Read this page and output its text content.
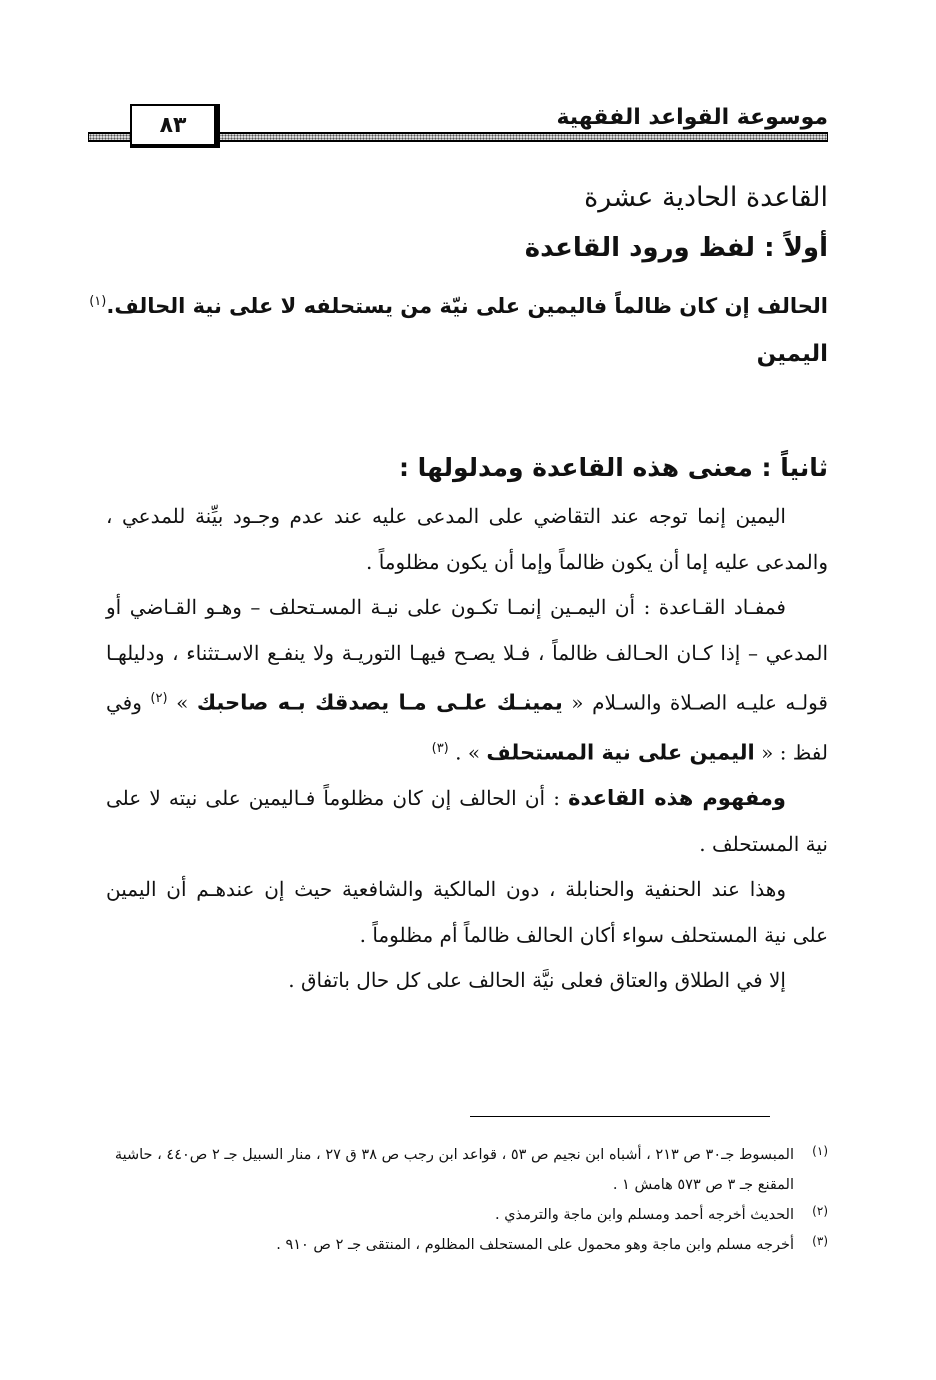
٨٣	موسوعة القواعد الفقهية
القاعدة الحادية عشرة
أولاً : لفظ ورود القاعدة
الحالف إن كان ظالماً فاليمين على نيّة من يستحلفه لا على نية الحالف.$^{(١)}$
اليمين
ثانياً : معنى هذه القاعدة ومدلولها :

اليمين إنما توجه عند التقاضي على المدعى عليه عند عدم وجـود بيِّنة للمدعي ، والمدعى عليه إما أن يكون ظالماً وإما أن يكون مظلوماً .

فمفـاد القـاعدة : أن اليمـين إنمـا تكـون على نيـة المسـتحلف – وهـو القـاضي أو المدعي – إذا كـان الحـالف ظالماً ، فـلا يصـح فيهـا التوريـة ولا ينفـع الاسـتثناء ، ودليلهـا قولـه عليـه الصـلاة والسـلام « يمينـك علـى مـا يصدقك بـه صاحبك » $^{(٢)}$ وفي لفظ : « اليمين على نية المستحلف » . $^{(٣)}$

ومفهوم هذه القاعدة : أن الحالف إن كان مظلوماً فـاليمين على نيته لا على نية المستحلف .

وهذا عند الحنفية والحنابلة ، دون المالكية والشافعية حيث إن عندهـم أن اليمين على نية المستحلف سواء أكان الحالف ظالماً أم مظلوماً .

إلا في الطلاق والعتاق فعلى نيَّة الحالف على كل حال باتفاق .

(١)
المبسوط جـ٣٠ ص ٢١٣ ، أشباه ابن نجيم ص ٥٣ ، قواعد ابن رجب ص ٣٨ ق ٢٧ ، منار السبيل جـ ٢ ص٤٤٠ ، حاشية المقنع جـ ٣ ص ٥٧٣ هامش ١ .
(٢)
الحديث أخرجه أحمد ومسلم وابن ماجة والترمذي .
(٣)
أخرجه مسلم وابن ماجة وهو محمول على المستحلف المظلوم ، المنتقى جـ ٢ ص ٩١٠ .
